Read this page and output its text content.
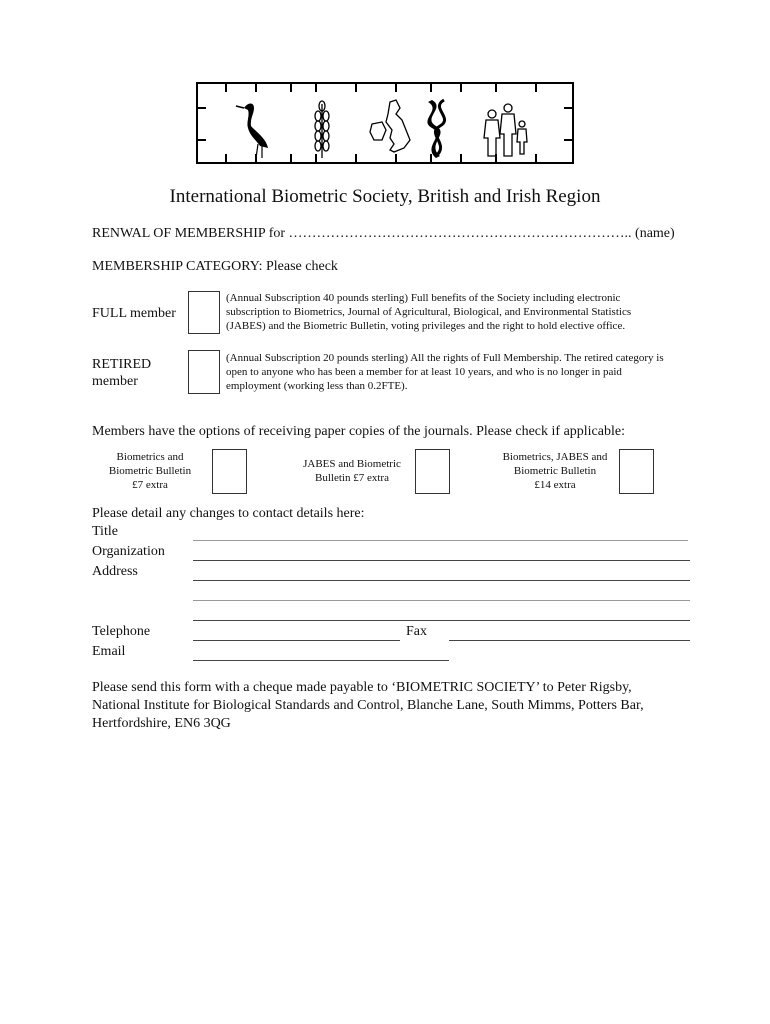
International Biometric Society, British and Irish Region
RENWAL OF MEMBERSHIP for ……………………………………………………………….. (name)
MEMBERSHIP CATEGORY: Please check
FULL member
(Annual Subscription 40 pounds sterling) Full benefits of the Society including electronic subscription to Biometrics, Journal of Agricultural, Biological, and Environmental Statistics (JABES) and the Biometric Bulletin, voting privileges and the right to hold elective office.
RETIRED
member
(Annual Subscription 20 pounds sterling) All the rights of Full Membership. The retired category is open to anyone who has been a member for at least 10 years, and who is no longer in paid employment (working less than 0.2FTE).
Members have the options of receiving paper copies of the journals. Please check if applicable:
Biometrics and
Biometric Bulletin
£7 extra
JABES and Biometric
Bulletin £7 extra
Biometrics, JABES and
Biometric Bulletin
£14 extra
Please detail any changes to contact details here:
Title
Organization
Address
Telephone	Fax
Email
Please send this form with a cheque made payable to ‘BIOMETRIC SOCIETY’ to Peter Rigsby,
National Institute for Biological Standards and Control, Blanche Lane, South Mimms, Potters Bar,
Hertfordshire, EN6 3QG
